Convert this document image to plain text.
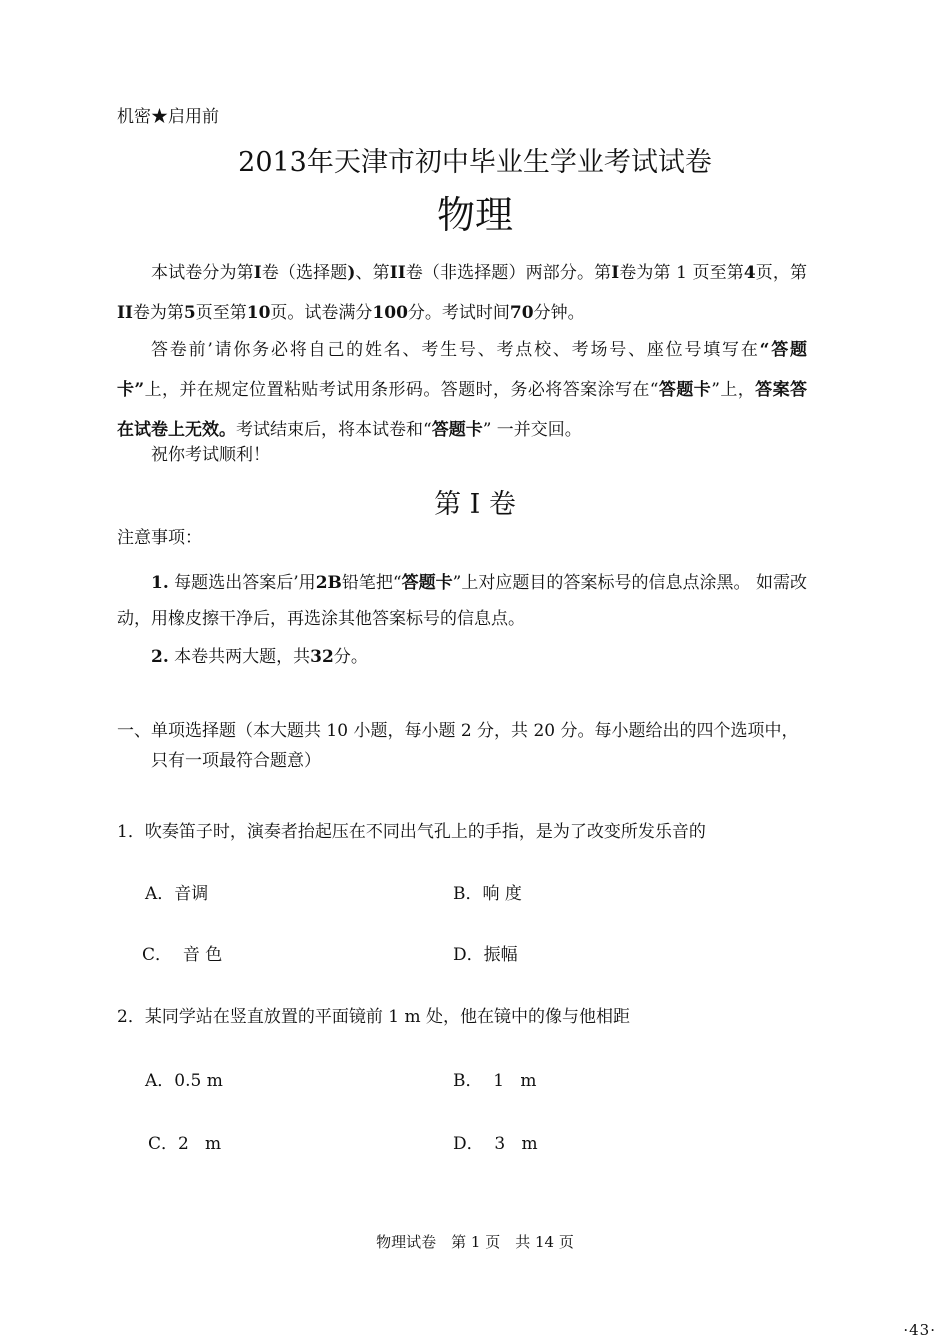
机密★启用前
2013年天津市初中毕业生学业考试试卷
物理
本试卷分为第I卷（选择题)、第II卷（非选择题）两部分。第I卷为第 1 页至第4页，第II卷为第5页至第10页。试卷满分100分。考试时间70分钟。
答卷前’请你务必将自己的姓名、考生号、考点校、考场号、座位号填写在“答题 卡”上，并在规定位置粘贴考试用条形码。答题时，务必将答案涂写在“答题卡”上，答案答在试卷上无效。考试结束后，将本试卷和“答题卡” 一并交回。
祝你考试顺利！
第 I 卷
注意事项：
1. 每题选出答案后’用2B铅笔把“答题卡”上对应题目的答案标号的信息点涂黑。 如需改动，用橡皮擦干净后，再选涂其他答案标号的信息点。
2. 本卷共两大题，共32分。
一、单项选择题（本大题共 10 小题，每小题 2 分，共 20 分。每小题给出的四个选项中， 只有一项最符合题意）
1．吹奏笛子时，演奏者抬起压在不同出气孔上的手指，是为了改变所发乐音的
A．音调	B．响 度
C．  音 色	D．振幅
2．某同学站在竖直放置的平面镜前 1 m 处，他在镜中的像与他相距
A．0.5 m	B．  1   m
C．2   m	D．  3   m
物理试卷　第 1 页　共 14 页
·43·
